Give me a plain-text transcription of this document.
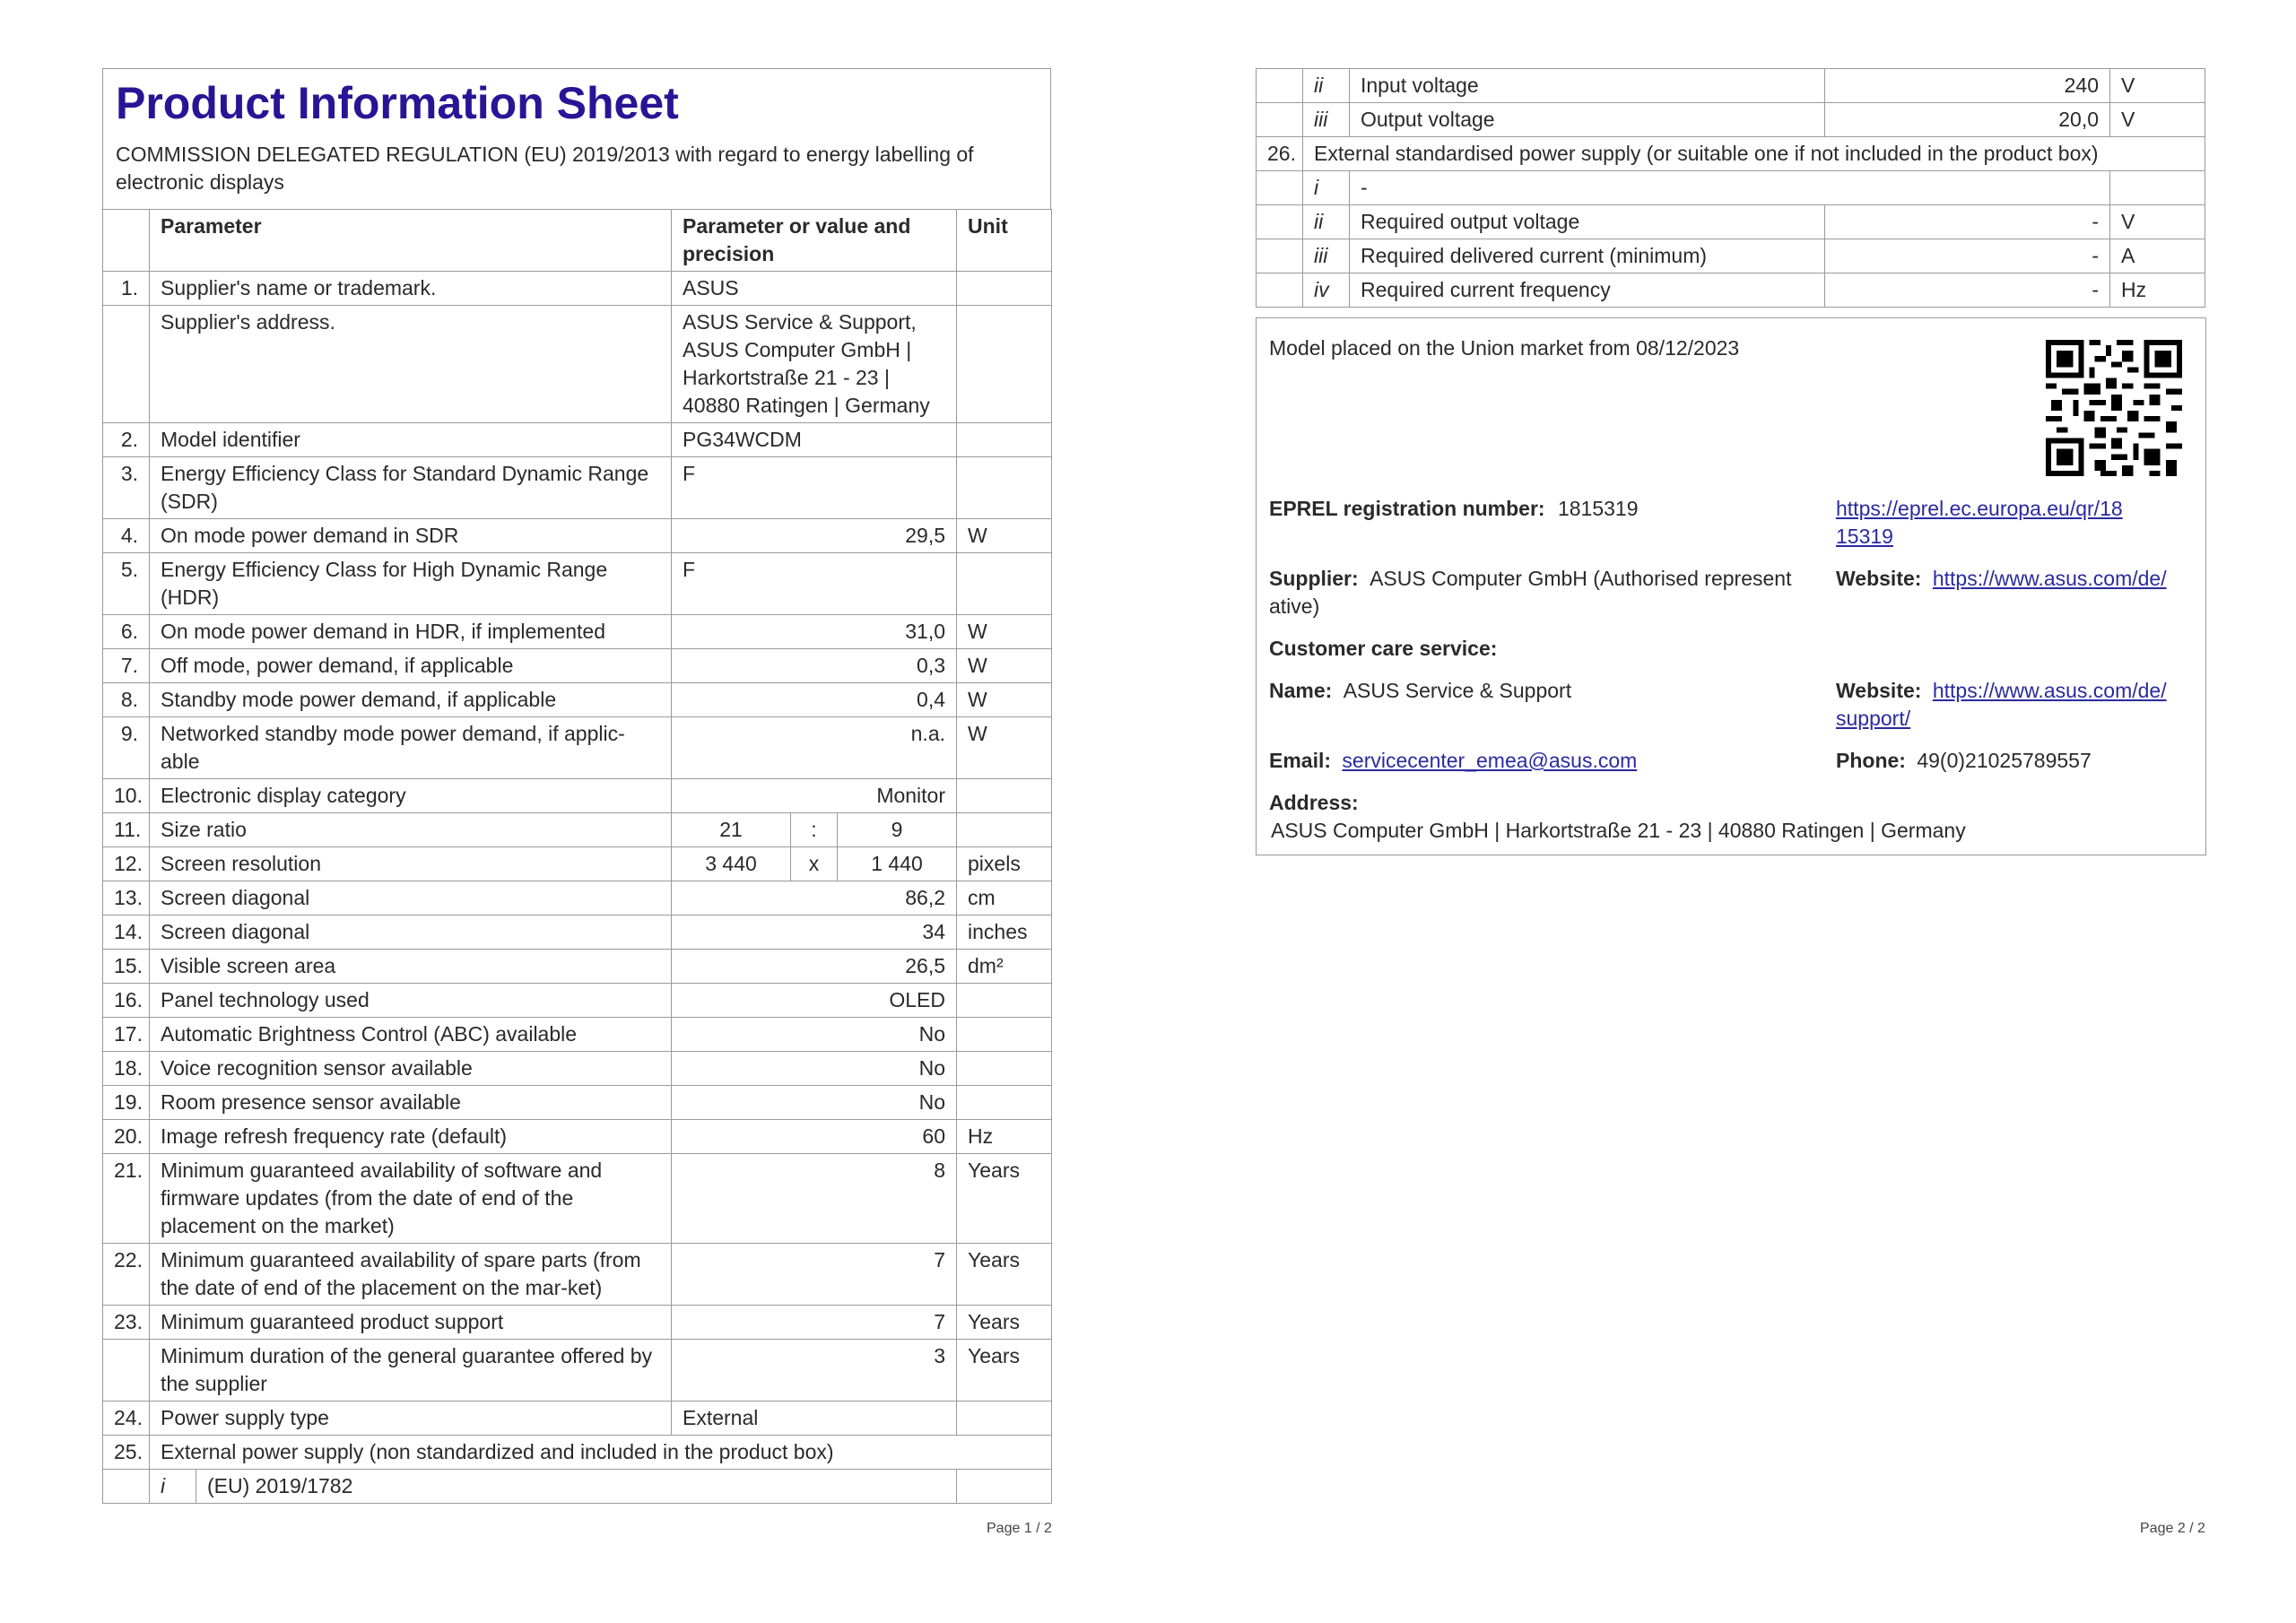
Product Information Sheet
COMMISSION DELEGATED REGULATION (EU) 2019/2013 with regard to energy labelling of electronic displays
	Parameter		Parameter or value and precision			Unit
1.	Supplier's name or trademark.		ASUS			
	Supplier's address.		ASUS Service & Support, ASUS Computer GmbH | Harkortstraße 21 - 23 | 40880 Ratingen | Germany			
2.	Model identifier		PG34WCDM			
3.	Energy Efficiency Class for Standard Dynamic Range (SDR)		F			
4.	On mode power demand in SDR		29,5			W
5.	Energy Efficiency Class for High Dynamic Range (HDR)		F			
6.	On mode power demand in HDR, if implemented		31,0			W
7.	Off mode, power demand, if applicable		0,3			W
8.	Standby mode power demand, if applicable		0,4			W
9.	Networked standby mode power demand, if applic-able		n.a.			W
10.	Electronic display category		Monitor			
11.	Size ratio		21	:	9	
12.	Screen resolution		3 440	x	1 440	pixels
13.	Screen diagonal		86,2			cm
14.	Screen diagonal		34			inches
15.	Visible screen area		26,5			dm²
16.	Panel technology used		OLED			
17.	Automatic Brightness Control (ABC) available		No			
18.	Voice recognition sensor available		No			
19.	Room presence sensor available		No			
20.	Image refresh frequency rate (default)		60			Hz
21.	Minimum guaranteed availability of software and firmware updates (from the date of end of the placement on the market)		8			Years
22.	Minimum guaranteed availability of spare parts (from the date of end of the placement on the mar-ket)		7			Years
23.	Minimum guaranteed product support		7			Years
	Minimum duration of the general guarantee offered by the supplier		3			Years
24.	Power supply type		External			
25.	External power supply (non standardized and included in the product box)					
	i	(EU) 2019/1782				
Page 1 / 2
	ii	Input voltage	240	V
	iii	Output voltage	20,0	V
26.	External standardised power supply (or suitable one if not included in the product box)			
	i	-		
	ii	Required output voltage	-	V
	iii	Required delivered current (minimum)	-	A
	iv	Required current frequency	-	Hz
Model placed on the Union market from 08/12/2023
EPREL registration number: 1815319	https://eprel.ec.europa.eu/qr/18
15319
Supplier: ASUS Computer GmbH (Authorised represent
ative)
Website: https://www.asus.com/de/
Customer care service:
Name: ASUS Service & Support	Website: https://www.asus.com/de/
support/
Email: servicecenter_emea@asus.com	Phone: 49(0)21025789557
Address:
ASUS Computer GmbH | Harkortstraße 21 - 23 | 40880 Ratingen | Germany
Page 2 / 2
